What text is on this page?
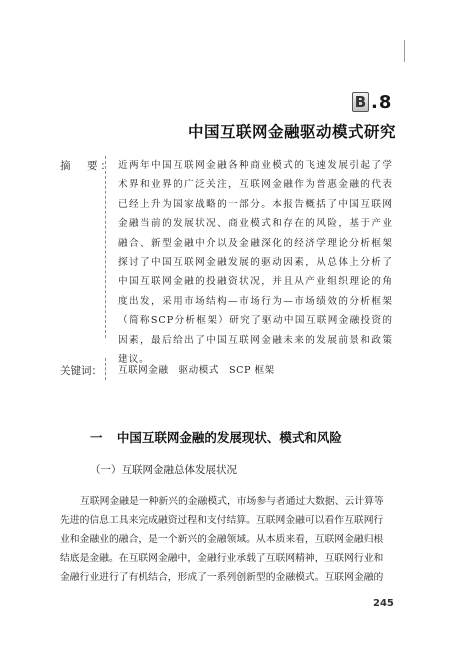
B .8
中国互联网金融驱动模式研究
摘　要： 近两年中国互联网金融各种商业模式的飞速发展引起了学术界和业界的广泛关注，互联网金融作为普惠金融的代表已经上升为国家战略的一部分。本报告概括了中国互联网金融当前的发展状况、商业模式和存在的风险，基于产业融合、新型金融中介以及金融深化的经济学理论分析框架探讨了中国互联网金融发展的驱动因素，从总体上分析了中国互联网金融的投融资状况，并且从产业组织理论的角度出发，采用市场结构—市场行为—市场绩效的分析框架（简称SCP分析框架）研究了驱动中国互联网金融投资的因素，最后给出了中国互联网金融未来的发展前景和政策建议。
关键词： 互联网金融　驱动模式　SCP 框架
一 中国互联网金融的发展现状、模式和风险
（一）互联网金融总体发展状况
互联网金融是一种新兴的金融模式，市场参与者通过大数据、云计算等
先进的信息工具来完成融资过程和支付结算。互联网金融可以看作互联网行
业和金融业的融合，是一个新兴的金融领域。从本质来看，互联网金融归根
结底是金融。在互联网金融中，金融行业承载了互联网精神，互联网行业和
金融行业进行了有机结合，形成了一系列创新型的金融模式。互联网金融的
245
